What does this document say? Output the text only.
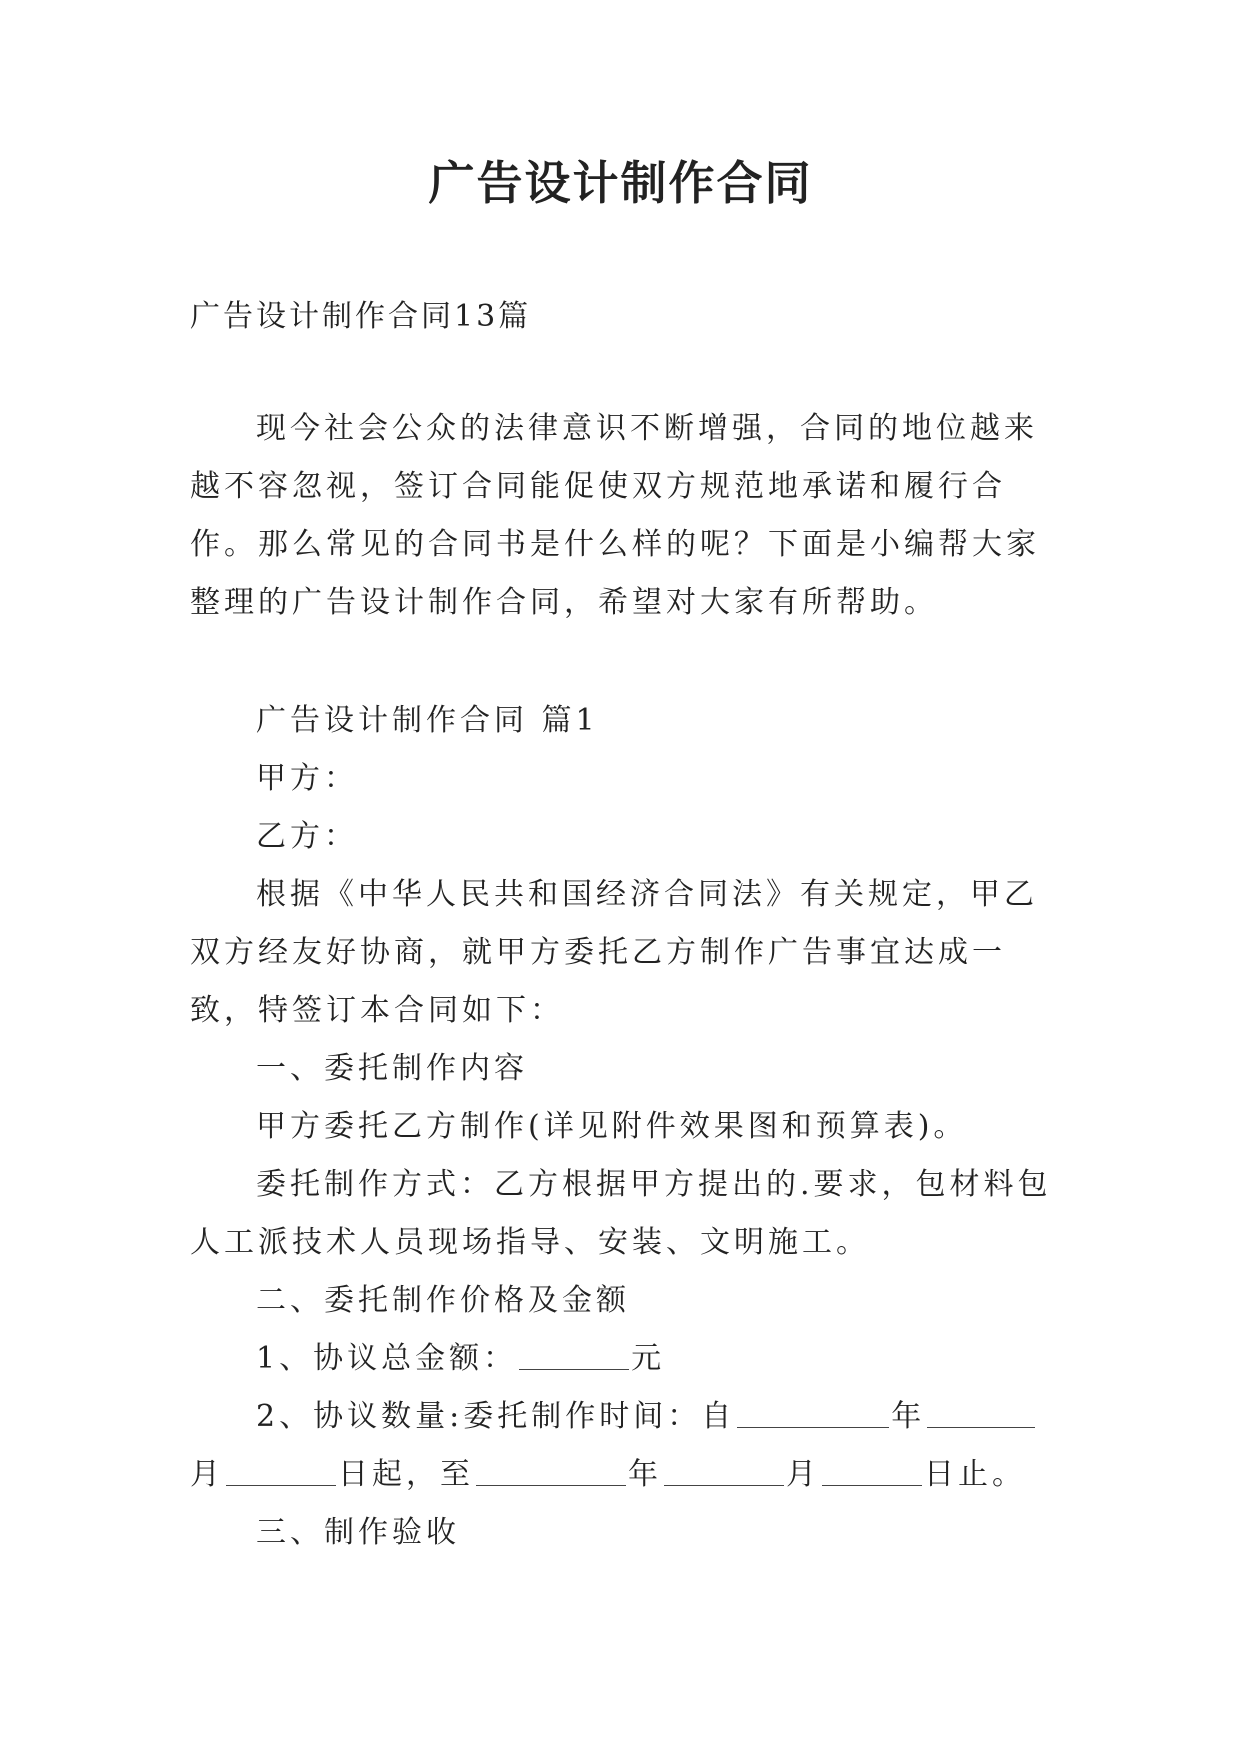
广告设计制作合同
广告设计制作合同13篇

现今社会公众的法律意识不断增强，合同的地位越来越不容忽视，签订合同能促使双方规范地承诺和履行合作。那么常见的合同书是什么样的呢？下面是小编帮大家整理的广告设计制作合同，希望对大家有所帮助。

广告设计制作合同 篇1

甲方：

乙方：

根据《中华人民共和国经济合同法》有关规定，甲乙双方经友好协商，就甲方委托乙方制作广告事宜达成一致，特签订本合同如下：

一、委托制作内容

甲方委托乙方制作(详见附件效果图和预算表)。

委托制作方式：乙方根据甲方提出的.要求，包材料包人工派技术人员现场指导、安装、文明施工。

二、委托制作价格及金额

1、协议总金额：	元

2、协议数量:委托制作时间：自	年月	日起，至	年	月	日止。

三、制作验收
